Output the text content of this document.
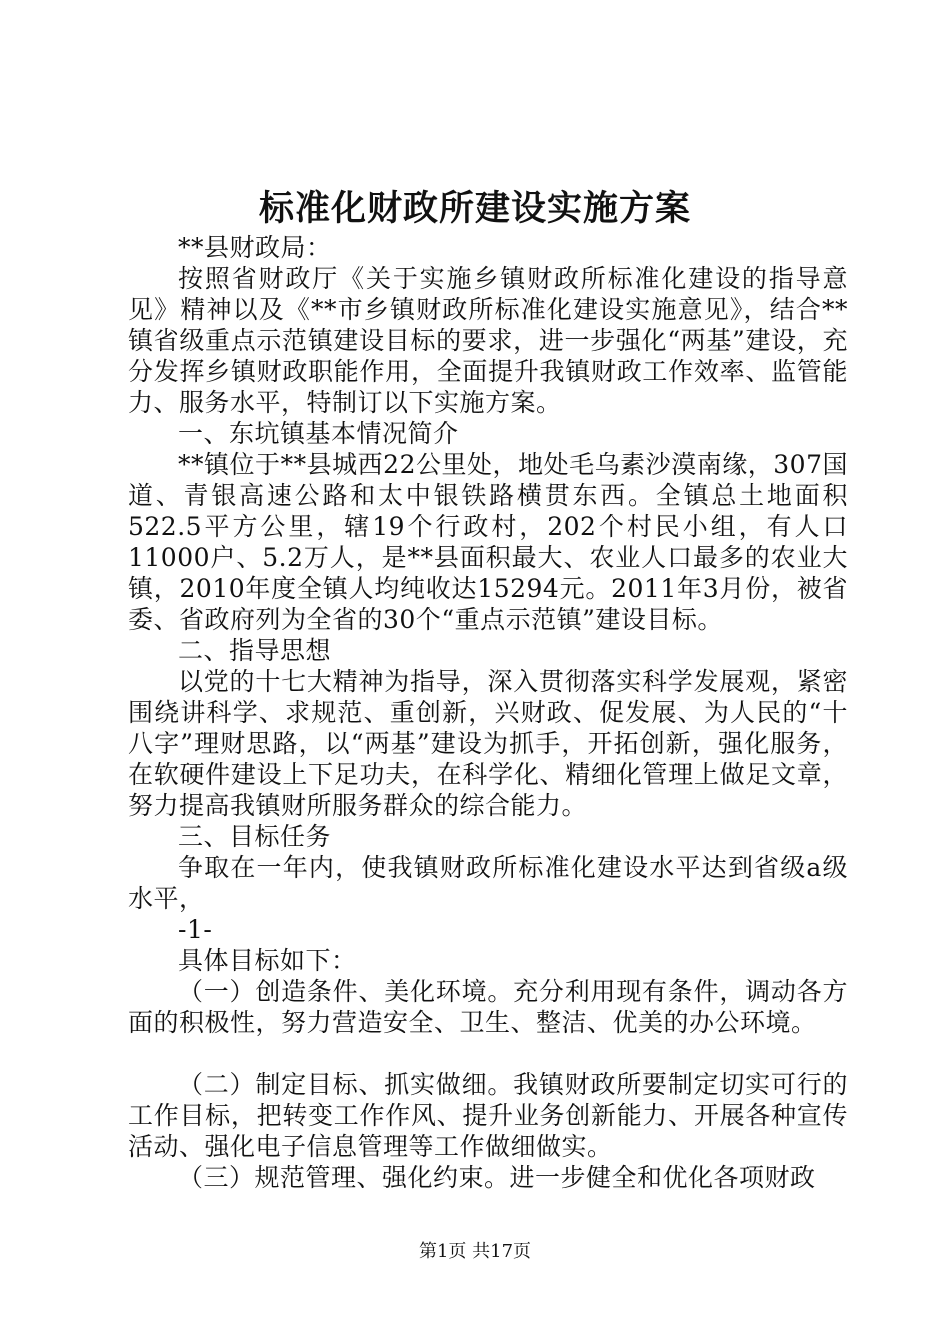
标准化财政所建设实施方案

**县财政局：

按照省财政厅《关于实施乡镇财政所标准化建设的指导意见》精神以及《**市乡镇财政所标准化建设实施意见》，结合**镇省级重点示范镇建设目标的要求，进一步强化“两基”建设，充分发挥乡镇财政职能作用，全面提升我镇财政工作效率、监管能力、服务水平，特制订以下实施方案。

一、东坑镇基本情况简介

**镇位于**县城西22公里处，地处毛乌素沙漠南缘，307国道、青银高速公路和太中银铁路横贯东西。全镇总土地面积522.5平方公里，辖19个行政村，202个村民小组，有人口11000户、5.2万人，是**县面积最大、农业人口最多的农业大镇，2010年度全镇人均纯收达15294元。2011年3月份，被省委、省政府列为全省的30个“重点示范镇”建设目标。

二、指导思想

以党的十七大精神为指导，深入贯彻落实科学发展观，紧密围绕讲科学、求规范、重创新，兴财政、促发展、为人民的“十八字”理财思路，以“两基”建设为抓手，开拓创新，强化服务，在软硬件建设上下足功夫，在科学化、精细化管理上做足文章，努力提高我镇财所服务群众的综合能力。

三、目标任务

争取在一年内，使我镇财政所标准化建设水平达到省级a级水平，

-1-

具体目标如下：

（一）创造条件、美化环境。充分利用现有条件，调动各方面的积极性，努力营造安全、卫生、整洁、优美的办公环境。

（二）制定目标、抓实做细。我镇财政所要制定切实可行的工作目标，把转变工作作风、提升业务创新能力、开展各种宣传活动、强化电子信息管理等工作做细做实。

（三）规范管理、强化约束。进一步健全和优化各项财政

第1页 共17页
